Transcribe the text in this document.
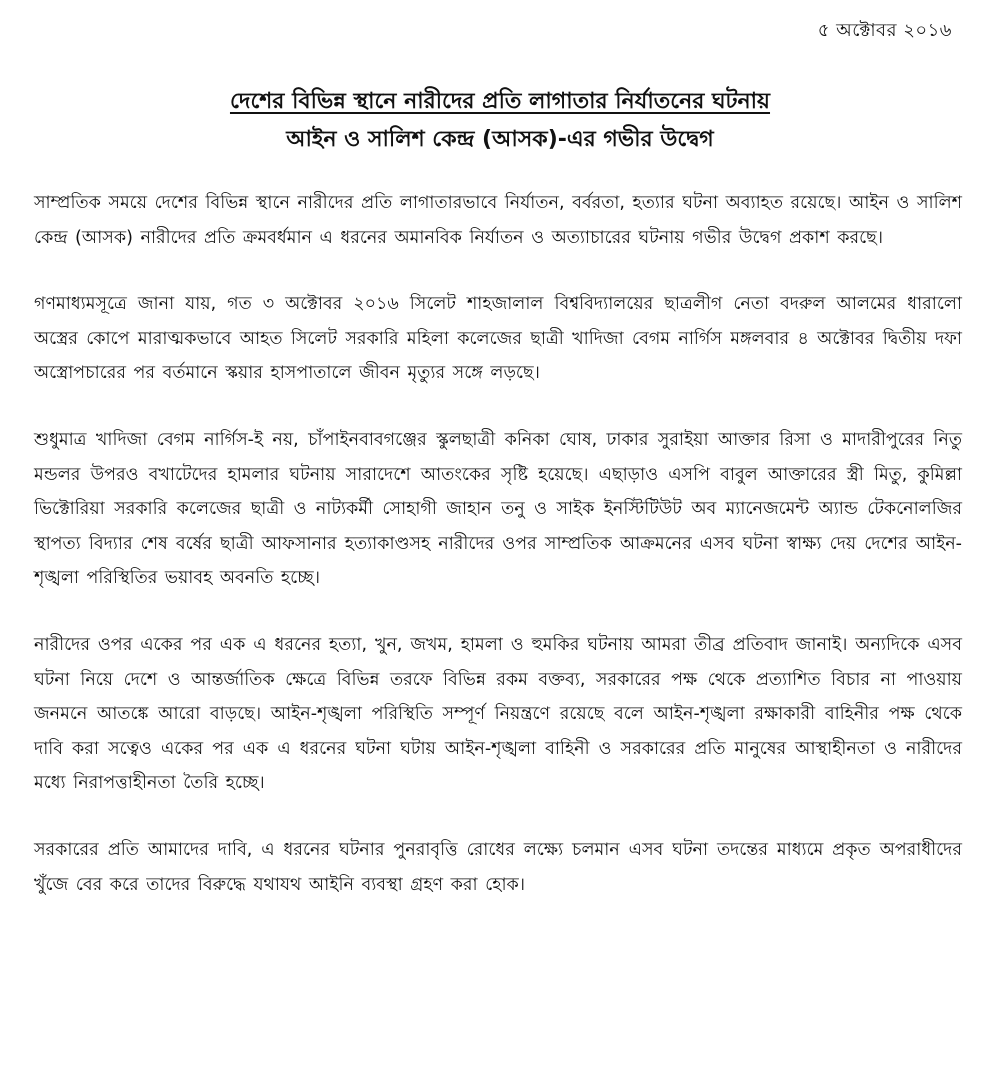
৫ অক্টোবর ২০১৬
দেশের বিভিন্ন স্থানে নারীদের প্রতি লাগাতার নির্যাতনের ঘটনায়
আইন ও সালিশ কেন্দ্র (আসক)-এর গভীর উদ্বেগ

সাম্প্রতিক সময়ে দেশের বিভিন্ন স্থানে নারীদের প্রতি লাগাতারভাবে নির্যাতন, বর্বরতা, হত্যার ঘটনা অব্যাহত রয়েছে। আইন ও সালিশ কেন্দ্র (আসক) নারীদের প্রতি ক্রমবর্ধমান এ ধরনের অমানবিক নির্যাতন ও অত্যাচারের ঘটনায় গভীর উদ্বেগ প্রকাশ করছে।

গণমাধ্যমসূত্রে জানা যায়, গত ৩ অক্টোবর ২০১৬ সিলেট শাহজালাল বিশ্ববিদ্যালয়ের ছাত্রলীগ নেতা বদরুল আলমের ধারালো অস্ত্রের কোপে মারাত্মকভাবে আহত সিলেট সরকারি মহিলা কলেজের ছাত্রী খাদিজা বেগম নার্গিস মঙ্গলবার ৪ অক্টোবর দ্বিতীয় দফা অস্ত্রোপচারের পর বর্তমানে স্কয়ার হাসপাতালে জীবন মৃত্যুর সঙ্গে লড়ছে।

শুধুমাত্র খাদিজা বেগম নার্গিস-ই নয়, চাঁপাইনবাবগঞ্জের স্কুলছাত্রী কনিকা ঘোষ, ঢাকার সুরাইয়া আক্তার রিসা ও মাদারীপুরের নিতু মন্ডলর উপরও বখাটেদের হামলার ঘটনায় সারাদেশে আতংকের সৃষ্টি হয়েছে। এছাড়াও এসপি বাবুল আক্তারের স্ত্রী মিতু, কুমিল্লা ভিক্টোরিয়া সরকারি কলেজের ছাত্রী ও নাট্যকর্মী সোহাগী জাহান তনু ও সাইক ইনস্টিটিউট অব ম্যানেজমেন্ট অ্যান্ড টেকনোলজির স্থাপত্য বিদ্যার শেষ বর্ষের ছাত্রী আফসানার হত্যাকাণ্ডসহ নারীদের ওপর সাম্প্রতিক আক্রমনের এসব ঘটনা স্বাক্ষ্য দেয় দেশের আইন-শৃঙ্খলা পরিস্থিতির ভয়াবহ অবনতি হচ্ছে।

নারীদের ওপর একের পর এক এ ধরনের হত্যা, খুন, জখম, হামলা ও হুমকির ঘটনায় আমরা তীব্র প্রতিবাদ জানাই। অন্যদিকে এসব ঘটনা নিয়ে দেশে ও আন্তর্জাতিক ক্ষেত্রে বিভিন্ন তরফে বিভিন্ন রকম বক্তব্য, সরকারের পক্ষ থেকে প্রত্যাশিত বিচার না পাওয়ায় জনমনে আতঙ্কে আরো বাড়ছে। আইন-শৃঙ্খলা পরিস্থিতি সম্পূর্ণ নিয়ন্ত্রণে রয়েছে বলে আইন-শৃঙ্খলা রক্ষাকারী বাহিনীর পক্ষ থেকে দাবি করা সত্বেও একের পর এক এ ধরনের ঘটনা ঘটায় আইন-শৃঙ্খলা বাহিনী ও সরকারের প্রতি মানুষের আস্থাহীনতা ও নারীদের মধ্যে নিরাপত্তাহীনতা তৈরি হচ্ছে।

সরকারের প্রতি আমাদের দাবি, এ ধরনের ঘটনার পুনরাবৃত্তি রোধের লক্ষ্যে চলমান এসব ঘটনা তদন্তের মাধ্যমে প্রকৃত অপরাধীদের খুঁজে বের করে তাদের বিরুদ্ধে যথাযথ আইনি ব্যবস্থা গ্রহণ করা হোক।
